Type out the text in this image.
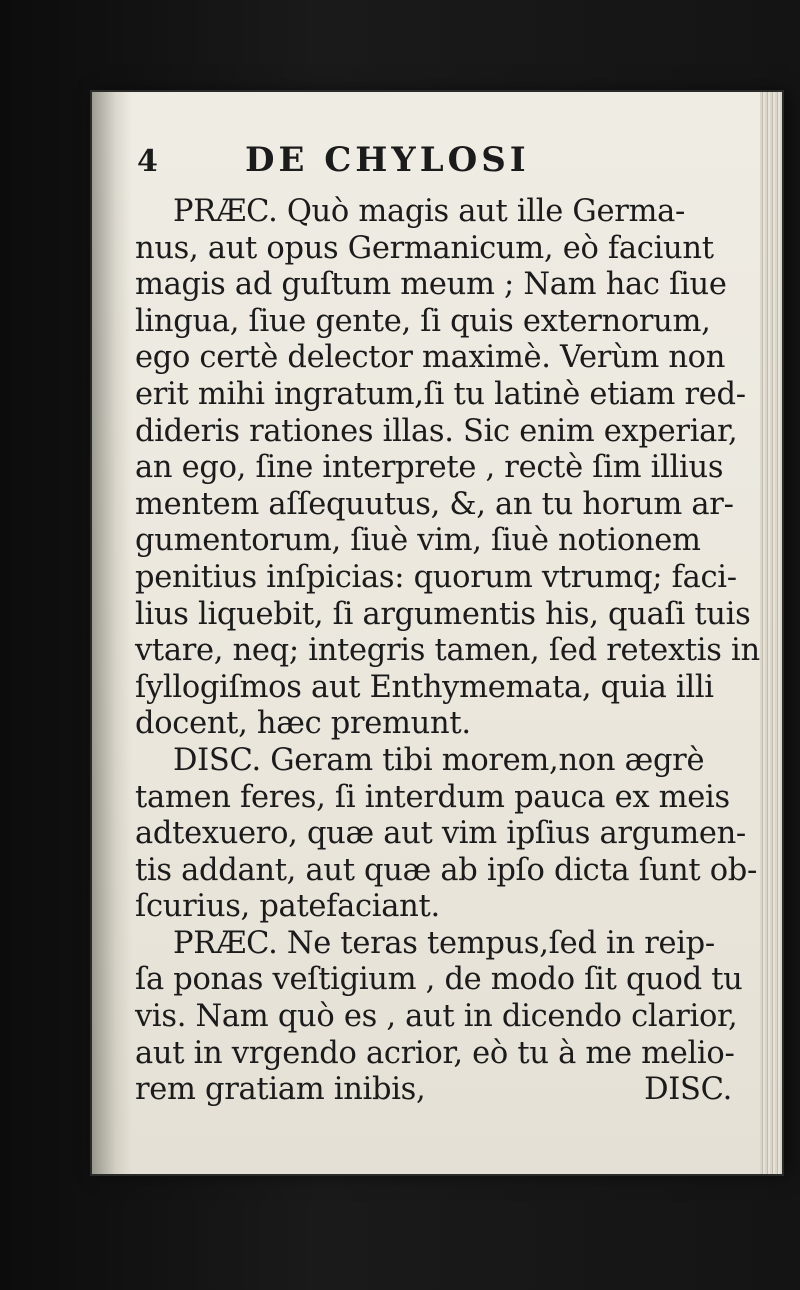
4	DE CHYLOSI
PRÆC. Quò magis aut ille Germa-
nus, aut opus Germanicum, eò faciunt
magis ad guſtum meum ; Nam hac ſiue
lingua, ſiue gente, ſi quis externorum,
ego certè delector maximè. Verùm non
erit mihi ingratum,ſi tu latinè etiam red-
dideris rationes illas. Sic enim experiar,
an ego, ſine interprete , rectè ſim illius
mentem aſſequutus, &, an tu horum ar-
gumentorum, ſiuè vim, ſiuè notionem
penitius inſpicias: quorum vtrumq; faci-
lius liquebit, ſi argumentis his, quaſi tuis
vtare, neq; integris tamen, ſed retextis in
ſyllogiſmos aut Enthymemata, quia illi
docent, hæc premunt.
DISC. Geram tibi morem,non ægrè
tamen feres, ſi interdum pauca ex meis
adtexuero, quæ aut vim ipſius argumen-
tis addant, aut quæ ab ipſo dicta ſunt ob-
ſcurius, patefaciant.
PRÆC. Ne teras tempus,ſed in reip-
ſa ponas veſtigium , de modo ſit quod tu
vis. Nam quò es , aut in dicendo clarior,
aut in vrgendo acrior, eò tu à me melio-
rem gratiam inibis,	DISC.
